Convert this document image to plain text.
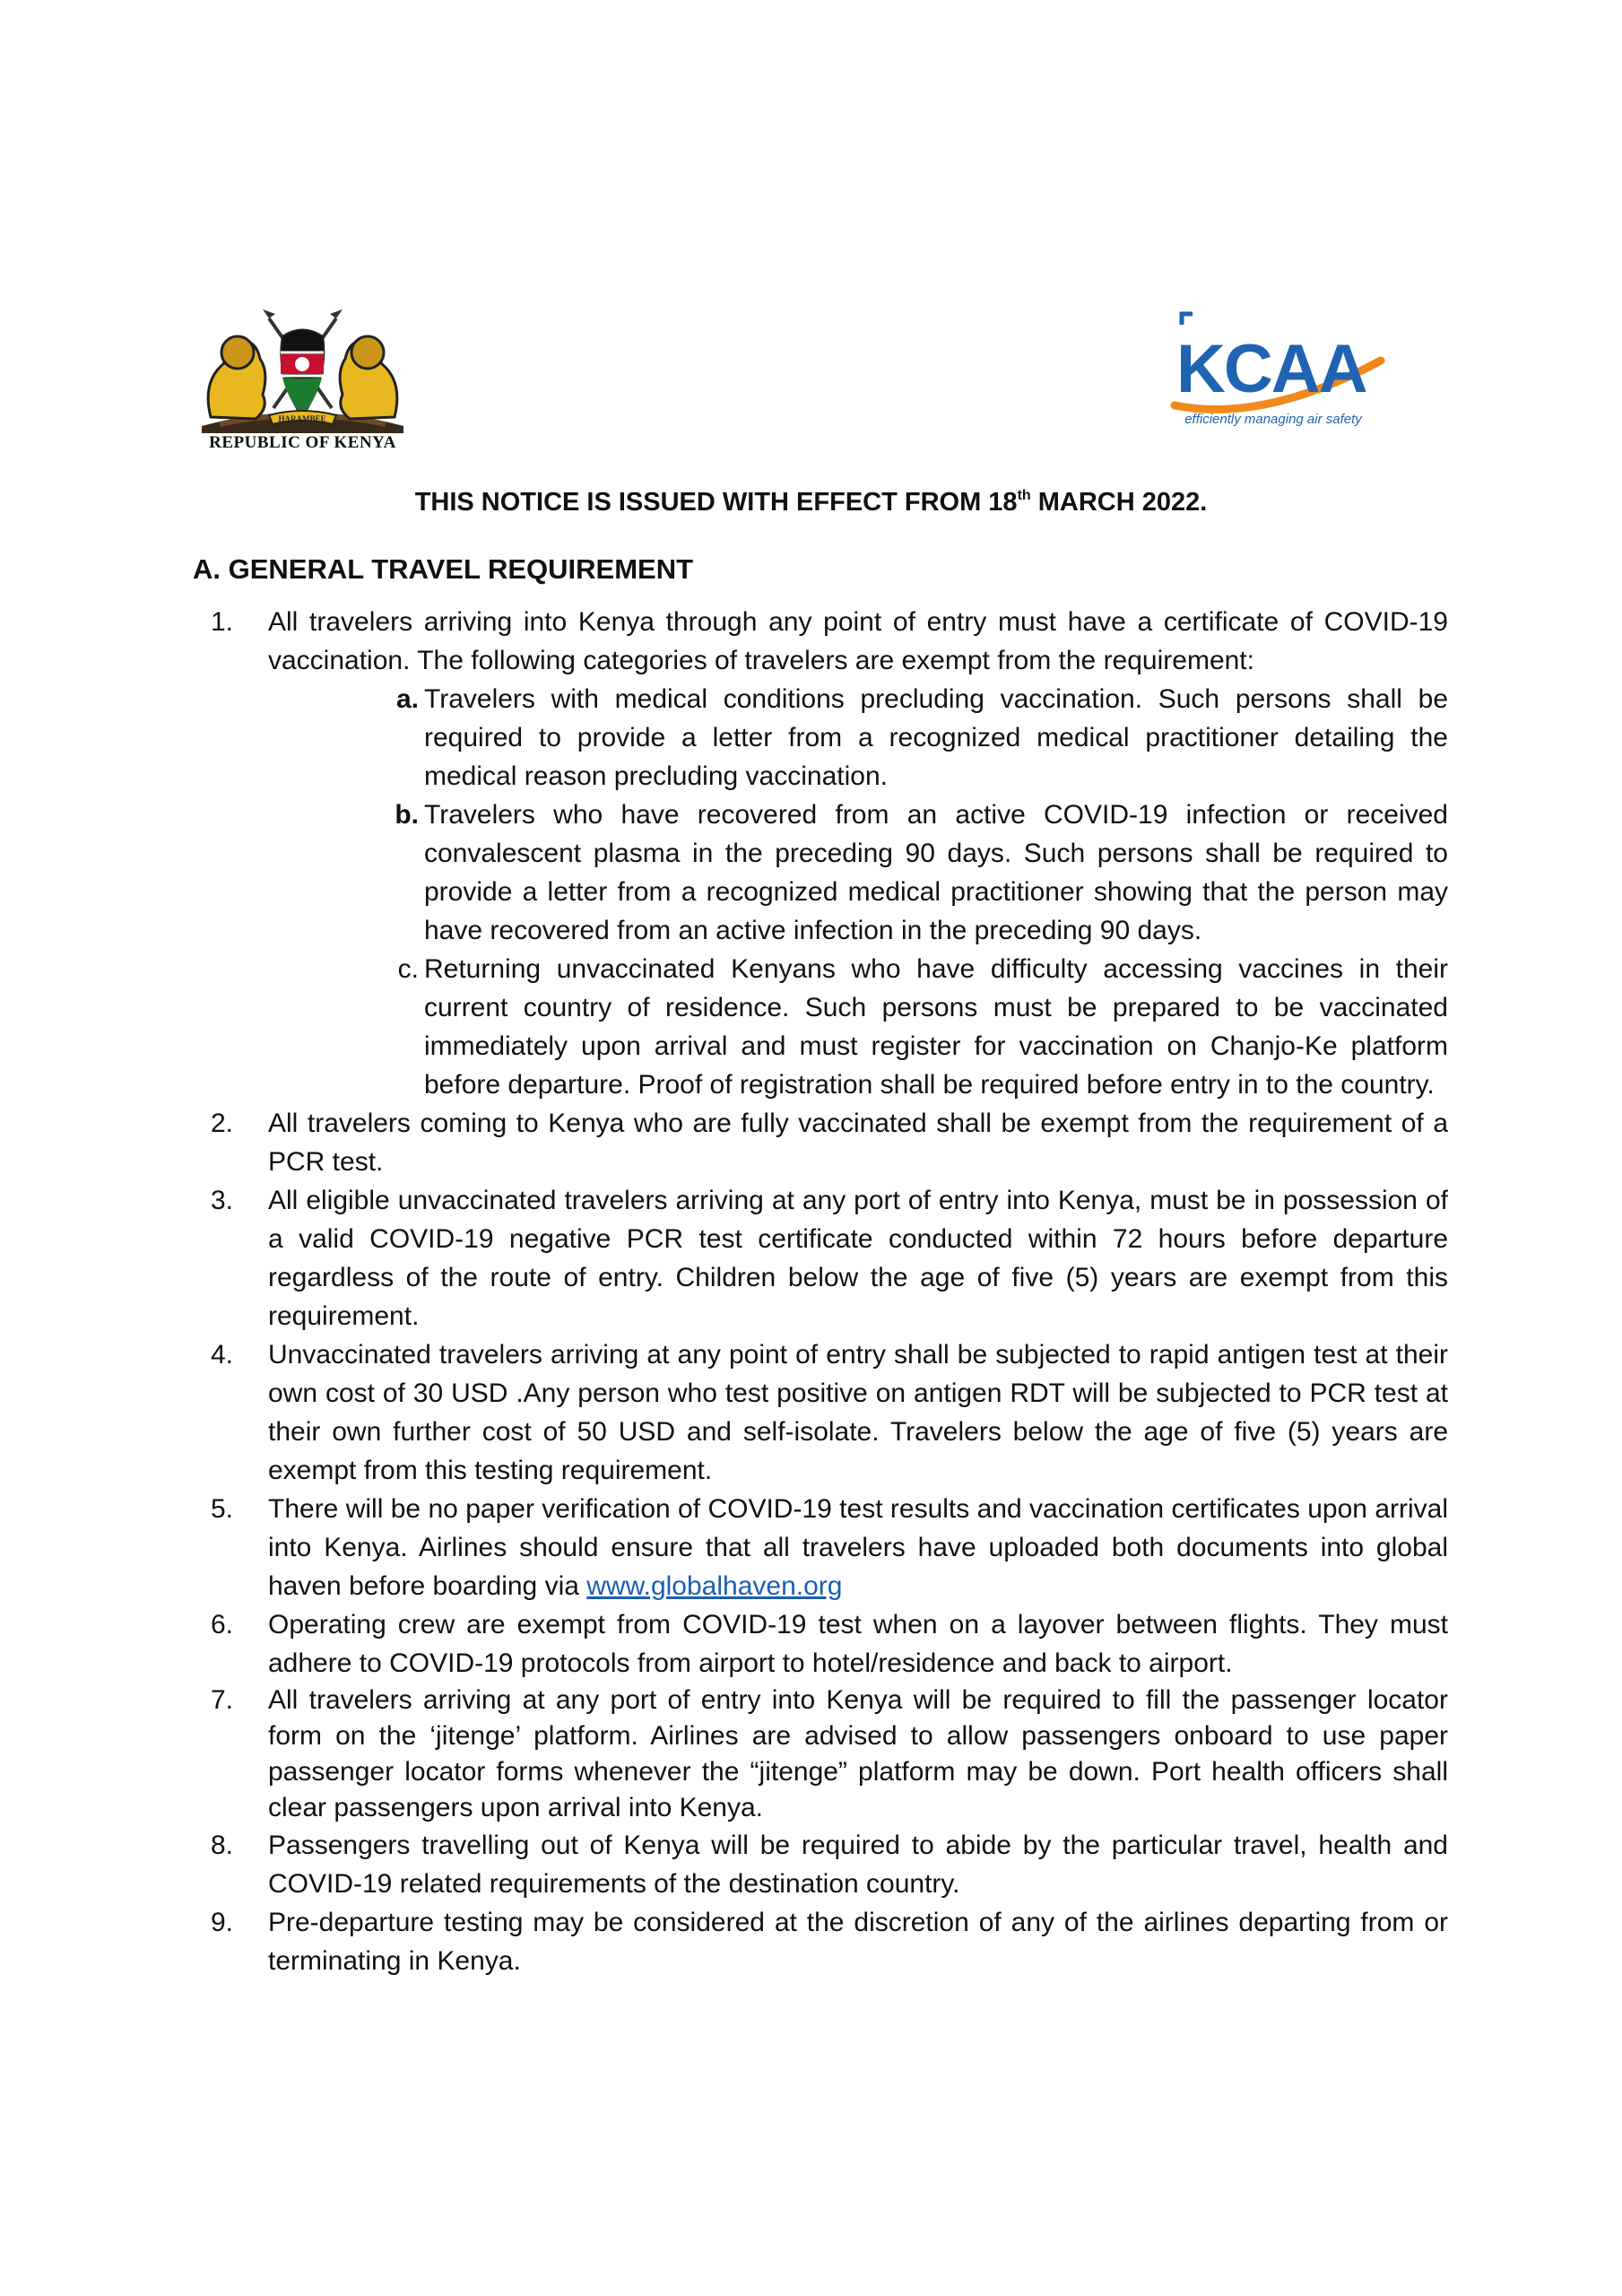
HARAMBEE
REPUBLIC OF KENYA
KCAA
efficiently managing air safety
THIS NOTICE IS ISSUED WITH EFFECT FROM 18th MARCH 2022.
A. GENERAL TRAVEL REQUIREMENT
1. All travelers arriving into Kenya through any point of entry must have a certificate of COVID-19 vaccination. The following categories of travelers are exempt from the requirement:
a. Travelers with medical conditions precluding vaccination. Such persons shall be required to provide a letter from a recognized medical practitioner detailing the medical reason precluding vaccination.
b. Travelers who have recovered from an active COVID-19 infection or received convalescent plasma in the preceding 90 days. Such persons shall be required to provide a letter from a recognized medical practitioner showing that the person may have recovered from an active infection in the preceding 90 days.
c. Returning unvaccinated Kenyans who have difficulty accessing vaccines in their current country of residence. Such persons must be prepared to be vaccinated immediately upon arrival and must register for vaccination on Chanjo-Ke platform before departure. Proof of registration shall be required before entry in to the country.
2. All travelers coming to Kenya who are fully vaccinated shall be exempt from the requirement of a PCR test.
3. All eligible unvaccinated travelers arriving at any port of entry into Kenya, must be in possession of a valid COVID-19 negative PCR test certificate conducted within 72 hours before departure regardless of the route of entry. Children below the age of five (5) years are exempt from this requirement.
4. Unvaccinated travelers arriving at any point of entry shall be subjected to rapid antigen test at their own cost of 30 USD .Any person who test positive on antigen RDT will be subjected to PCR test at their own further cost of 50 USD and self-isolate. Travelers below the age of five (5) years are exempt from this testing requirement.
5. There will be no paper verification of COVID-19 test results and vaccination certificates upon arrival into Kenya. Airlines should ensure that all travelers have uploaded both documents into global haven before boarding via www.globalhaven.org
6. Operating crew are exempt from COVID-19 test when on a layover between flights. They must adhere to COVID-19 protocols from airport to hotel/residence and back to airport.
7. All travelers arriving at any port of entry into Kenya will be required to fill the passenger locator form on the ‘jitenge’ platform. Airlines are advised to allow passengers onboard to use paper passenger locator forms whenever the “jitenge” platform may be down. Port health officers shall clear passengers upon arrival into Kenya.
8. Passengers travelling out of Kenya will be required to abide by the particular travel, health and COVID-19 related requirements of the destination country.
9. Pre-departure testing may be considered at the discretion of any of the airlines departing from or terminating in Kenya.
